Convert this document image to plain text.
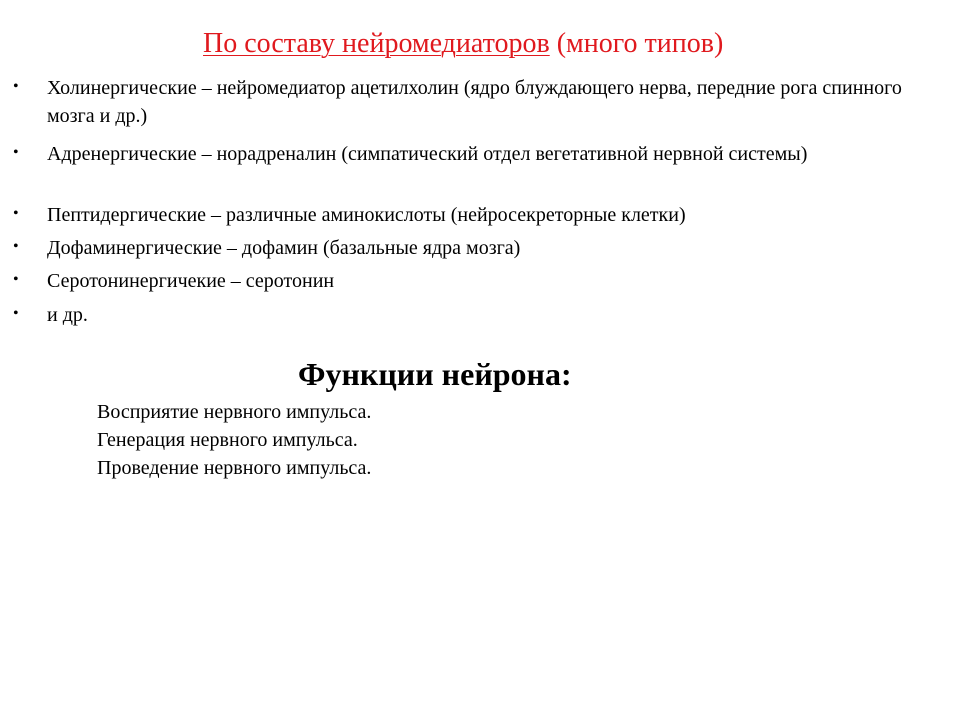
По составу нейромедиаторов (много типов)
• Холинергические – нейромедиатор ацетилхолин (ядро блуждающего нерва, передние рога спинного мозга и др.)
• Адренергические – норадреналин (симпатический отдел вегетативной нервной системы)
• Пептидергические – различные аминокислоты (нейросекреторные клетки)
• Дофаминергические – дофамин (базальные ядра мозга)
• Серотонинергичекие – серотонин
• и др.
Функции нейрона:
Восприятие нервного импульса.
Генерация нервного импульса.
Проведение нервного импульса.
